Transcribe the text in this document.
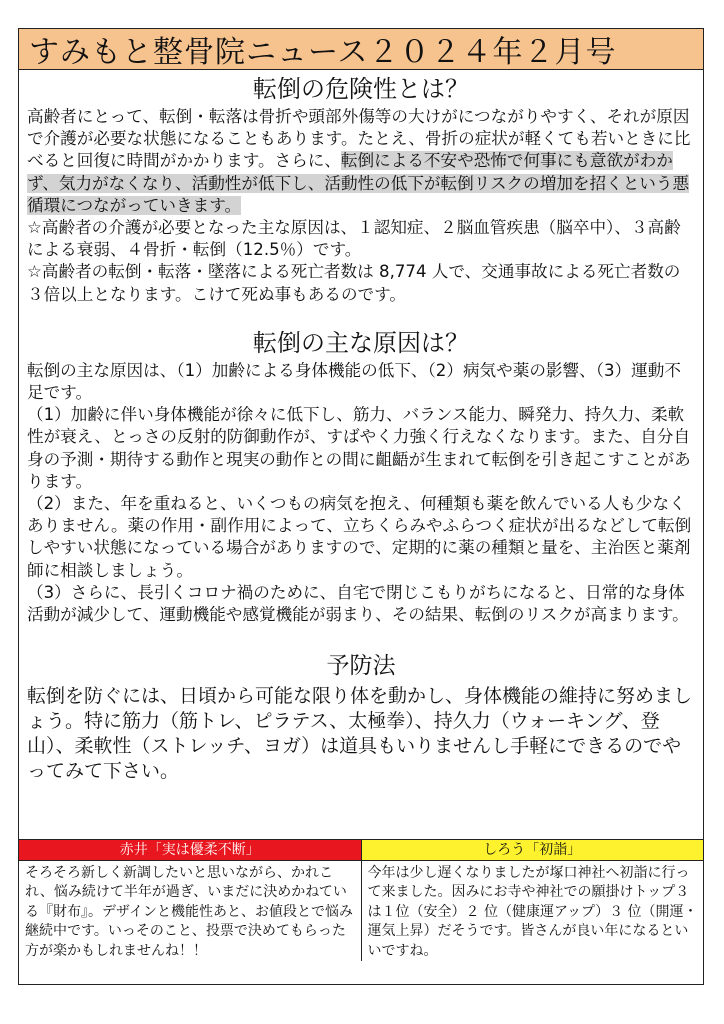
すみもと整骨院ニュース２０２４年２月号
転倒の危険性とは？

高齢者にとって、転倒・転落は骨折や頭部外傷等の大けがにつながりやすく、それが原因で介護が必要な状態になることもあります。たとえ、骨折の症状が軽くても若いときに比べると回復に時間がかかります。さらに、転倒による不安や恐怖で何事にも意欲がわかず、気力がなくなり、活動性が低下し、活動性の低下が転倒リスクの増加を招くという悪循環につながっていきます。

☆高齢者の介護が必要となった主な原因は、１認知症、２脳血管疾患（脳卒中）、３高齢による衰弱、４骨折・転倒（12.5％）です。

☆高齢者の転倒・転落・墜落による死亡者数は 8,774 人で、交通事故による死亡者数の３倍以上となります。こけて死ぬ事もあるのです。

転倒の主な原因は？

転倒の主な原因は、（1）加齢による身体機能の低下、（2）病気や薬の影響、（3）運動不足です。

（1）加齢に伴い身体機能が徐々に低下し、筋力、バランス能力、瞬発力、持久力、柔軟性が衰え、とっさの反射的防御動作が、すばやく力強く行えなくなります。また、自分自身の予測・期待する動作と現実の動作との間に齟齬が生まれて転倒を引き起こすことがあります。

（2）また、年を重ねると、いくつもの病気を抱え、何種類も薬を飲んでいる人も少なくありません。薬の作用・副作用によって、立ちくらみやふらつく症状が出るなどして転倒しやすい状態になっている場合がありますので、定期的に薬の種類と量を、主治医と薬剤師に相談しましょう。

（3）さらに、長引くコロナ禍のために、自宅で閉じこもりがちになると、日常的な身体活動が減少して、運動機能や感覚機能が弱まり、その結果、転倒のリスクが高まります。

予防法

転倒を防ぐには、日頃から可能な限り体を動かし、身体機能の維持に努めましょう。特に筋力（筋トレ、ピラテス、太極拳）、持久力（ウォーキング、登山）、柔軟性（ストレッチ、ヨガ）は道具もいりませんし手軽にできるのでやってみて下さい。

赤井「実は優柔不断」

そろそろ新しく新調したいと思いながら、かれこれ、悩み続けて半年が過ぎ、いまだに決めかねている『財布』。デザインと機能性あと、お値段とで悩み継続中です。いっそのこと、投票で決めてもらった方が楽かもしれませんね！！

しろう「初詣」

今年は少し遅くなりましたが塚口神社へ初詣に行って来ました。因みにお寺や神社での願掛けトップ３は１位（安全）２ 位（健康運アップ）３ 位（開運・運気上昇）だそうです。皆さんが良い年になるといいですね。
